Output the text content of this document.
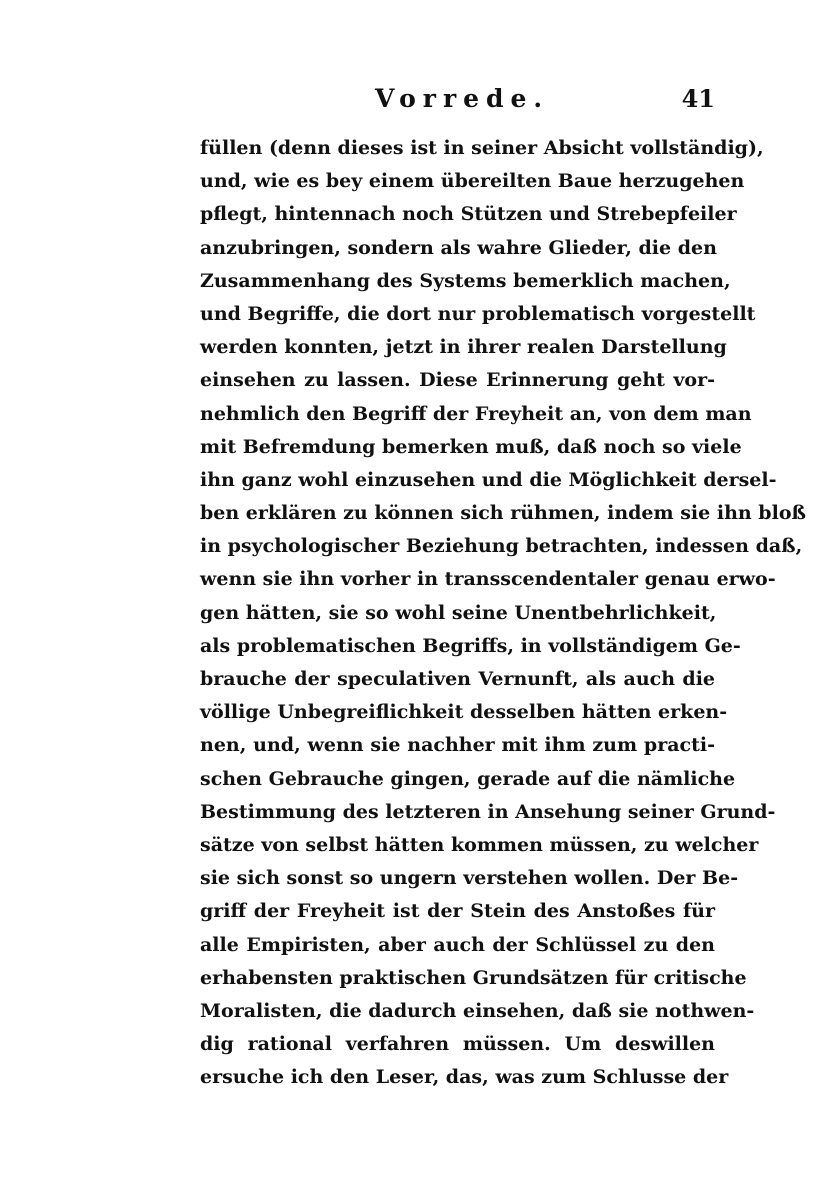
Vorrede.	41
füllen (denn dieses ist in seiner Absicht vollständig),
und, wie es bey einem übereilten Baue herzugehen
pflegt, hintennach noch Stützen und Strebepfeiler
anzubringen, sondern als wahre Glieder, die den
Zusammenhang des Systems bemerklich machen,
und Begriffe, die dort nur problematisch vorgestellt
werden konnten, jetzt in ihrer realen Darstellung
einsehen zu lassen. Diese Erinnerung geht vor-
nehmlich den Begriff der Freyheit an, von dem man
mit Befremdung bemerken muß, daß noch so viele
ihn ganz wohl einzusehen und die Möglichkeit dersel-
ben erklären zu können sich rühmen, indem sie ihn bloß
in psychologischer Beziehung betrachten, indessen daß,
wenn sie ihn vorher in transscendentaler genau erwo-
gen hätten, sie so wohl seine Unentbehrlichkeit,
als problematischen Begriffs, in vollständigem Ge-
brauche der speculativen Vernunft, als auch die
völlige Unbegreiflichkeit desselben hätten erken-
nen, und, wenn sie nachher mit ihm zum practi-
schen Gebrauche gingen, gerade auf die nämliche
Bestimmung des letzteren in Ansehung seiner Grund-
sätze von selbst hätten kommen müssen, zu welcher
sie sich sonst so ungern verstehen wollen. Der Be-
griff der Freyheit ist der Stein des Anstoßes für
alle Empiristen, aber auch der Schlüssel zu den
erhabensten praktischen Grundsätzen für critische
Moralisten, die dadurch einsehen, daß sie nothwen-
dig rational verfahren müssen. Um deswillen
ersuche ich den Leser, das, was zum Schlusse der
